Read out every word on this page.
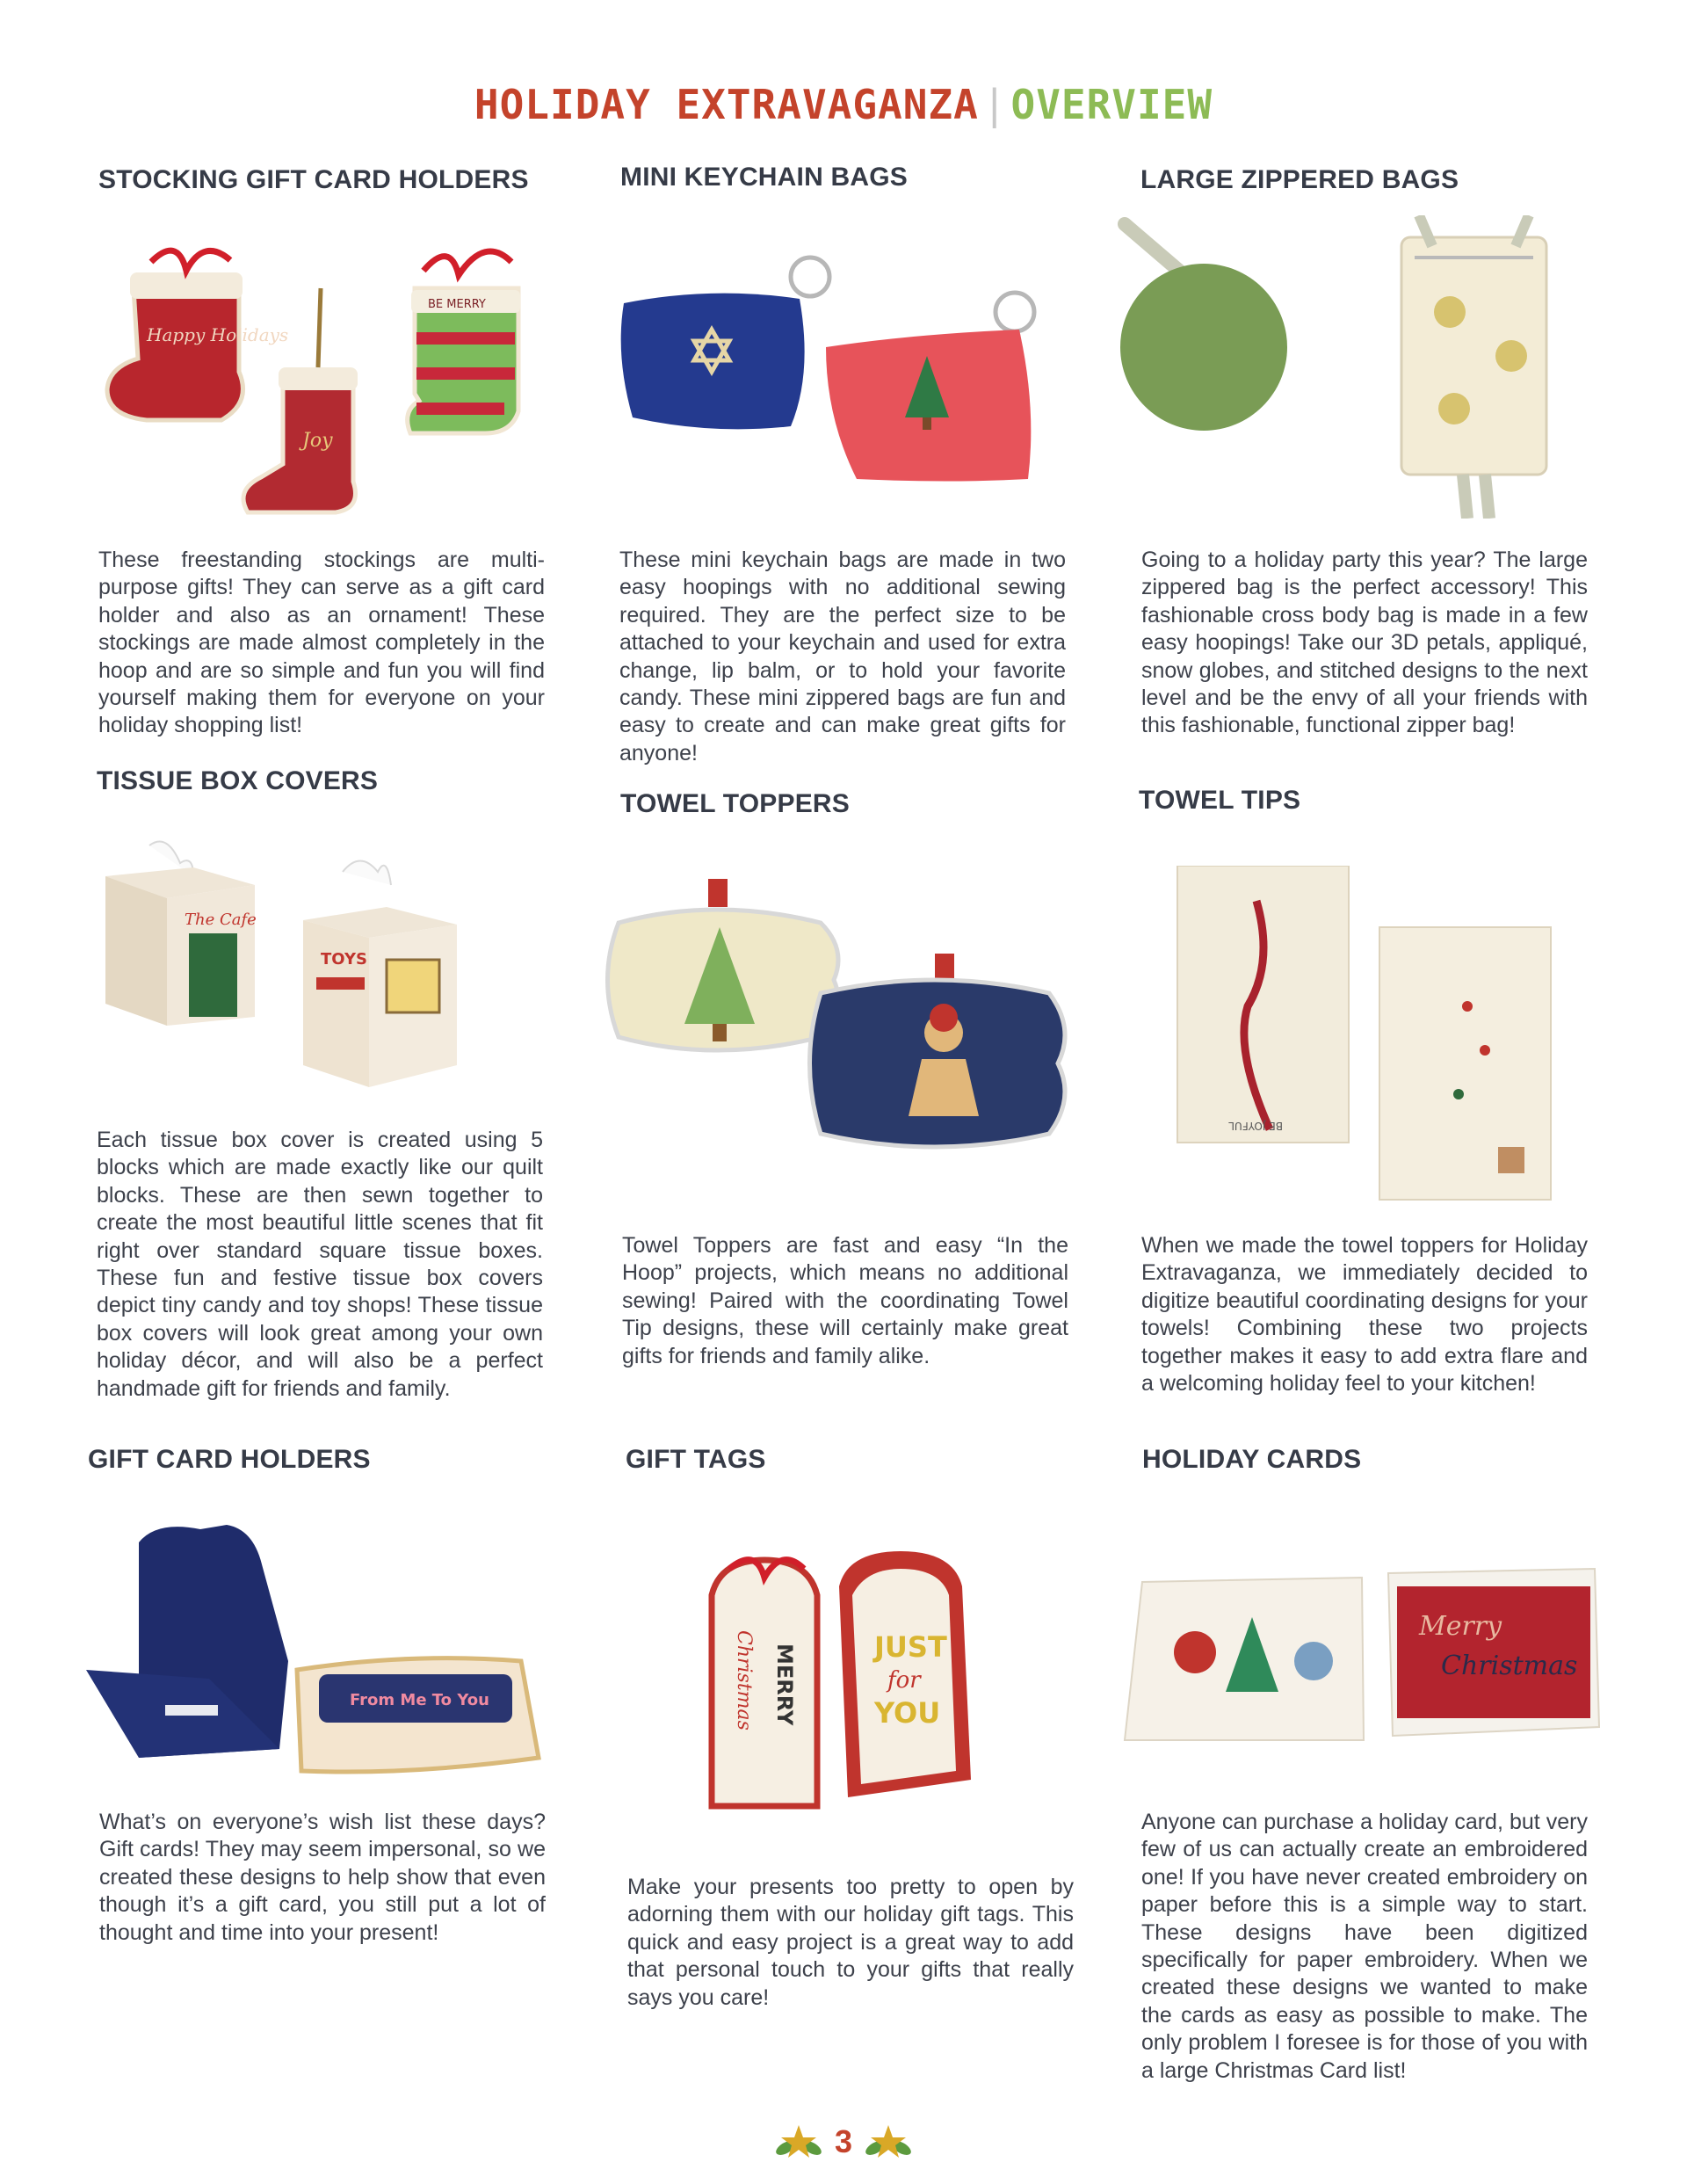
HOLIDAY EXTRAVAGANZA|OVERVIEW
STOCKING GIFT CARD HOLDERS
Happy Holidays
Joy
BE MERRY

These freestanding stockings are multi-purpose gifts! They can serve as a gift card holder and also as an ornament! These stockings are made almost completely in the hoop and are so simple and fun you will find yourself making them for everyone on your holiday shopping list!

MINI KEYCHAIN BAGS

These mini keychain bags are made in two easy hoopings with no additional sewing required. They are the perfect size to be attached to your keychain and used for extra change, lip balm, or to hold your favorite candy. These mini zippered bags are fun and easy to create and can make great gifts for anyone!

LARGE ZIPPERED BAGS

Going to a holiday party this year? The large zippered bag is the perfect accessory! This fashionable cross body bag is made in a few easy hoopings! Take our 3D petals, appliqué, snow globes, and stitched designs to the next level and be the envy of all your friends with this fashionable, functional zipper bag!

TISSUE BOX COVERS
The Cafe
TOYS

Each tissue box cover is created using 5 blocks which are made exactly like our quilt blocks. These are then sewn together to create the most beautiful little scenes that fit right over standard square tissue boxes. These fun and festive tissue box covers depict tiny candy and toy shops! These tissue box covers will look great among your own holiday décor, and will also be a perfect handmade gift for friends and family.

TOWEL TOPPERS

Towel Toppers are fast and easy “In the Hoop” projects, which means no additional sewing! Paired with the coordinating Towel Tip designs, these will certainly make great gifts for friends and family alike.

TOWEL TIPS
BE JOYFUL

When we made the towel toppers for Holiday Extravaganza, we immediately decided to digitize beautiful coordinating designs for your towels! Combining these two projects together makes it easy to add extra flare and a welcoming holiday feel to your kitchen!

GIFT CARD HOLDERS
From Me To You

What’s on everyone’s wish list these days? Gift cards! They may seem impersonal, so we created these designs to help show that even though it’s a gift card, you still put a lot of thought and time into your present!

GIFT TAGS
MERRY
Christmas	JUST
for
YOU

Make your presents too pretty to open by adorning them with our holiday gift tags. This quick and easy project is a great way to add that personal touch to your gifts that really says you care!

HOLIDAY CARDS
Merry
Christmas

Anyone can purchase a holiday card, but very few of us can actually create an embroidered one! If you have never created embroidery on paper before this is a simple way to start. These designs have been digitized specifically for paper embroidery. When we created these designs we wanted to make the cards as easy as possible to make. The only problem I foresee is for those of you with a large Christmas Card list!

3
